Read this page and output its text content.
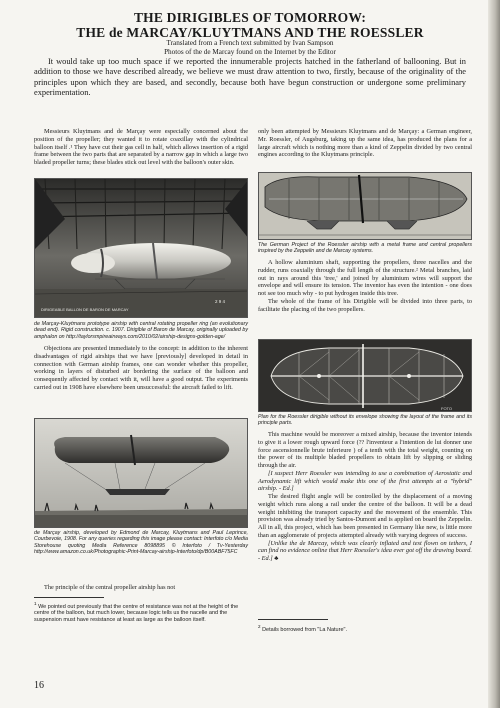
THE DIRIGIBLES OF TOMORROW:
THE de MARCAY/KLUYTMANS AND THE ROESSLER
Translated from a French text submitted by Ivan Sampson
Photos of the de Marcay found on the Internet by the Editor

It would take up too much space if we reported the innumerable projects hatched in the fatherland of ballooning. But in addition to those we have described already, we believe we must draw attention to two, firstly, because of the originality of the principles upon which they are based, and secondly, because both have begun construction or undergone some preliminary experimentation.

Messieurs Kluytmans and de Marçay were especially concerned about the position of the propeller; they wanted it to rotate coaxillay with the cylindrical balloon itself .¹ They have cut their gas cell in half, which allows insertion of a rigid frame between the two parts that are separated by a narrow gap in which a large two bladed propeller turns; these blades stick out level with the balloon's outer skin.

DIRIGEABLE BALLON DE BARON DE MARCAY
2 9 4
de Marçay-Kluytmans prototype airship with central rotating propeller ring (an evolutionary dead end). Rigid construction. c. 1907. Dirigible of Baron de Marcay, originally uploaded by amphalon on http://taylorsmpireairways.com/2010/02/airship-designs-golden-age/

Objections are presented immediately to the concept: in addition to the inherent disadvantages of rigid airships that we have [previously] developed in detail in connection with German airship frames, one can wonder whether this propeller, working in layers of disturbed air bordering the surface of the balloon and consequently affected by contact with it, will have a good output. The experiments carried out in 1908 have elsewhere been unsuccessful: the aircraft failed to lift.

de Marçay airship, developed by Edmond de Marcay, Kluytmans and Paul Leprince, Courbevoie, 1908. For any queries regarding this image please contact: Interfoto c/o Media Storehouse quoting Media Reference 8098895 © Interfoto / Tv-Yesterday http://www.amazon.co.uk/Photographic-Print-Marcay-airship-Interfoto/dp/B00ABF75FC

The principle of the central propeller airship has not

$^1$ We pointed out previously that the centre of resistance was not at the height of the centre of the balloon, but much lower, because logic tells us the nacelle and the suspension must have resistance at least as large as the balloon itself.

only been attempted by Messieurs Kluytmans and de Marçay: a German engineer, Mr. Roessler, of Augsburg, taking up the same idea, has produced the plans for a large aircraft which is nothing more than a kind of Zeppelin divided by two central engines according to the Kluytmans principle.

The German Project of the Roessler airship with a metal frame and central propellers inspired by the Zeppelin and de Marcay systems.

A hollow aluminium shaft, supporting the propellers, three nacelles and the rudder, runs coaxially through the full length of the structure.² Metal branches, laid out in rays around this 'tree,' and joined by aluminium wires will support the envelope and will ensure its tension. The inventor has even the intention - one does not see too much why - to put hydrogen inside this tree.

The whole of the frame of his Dirigible will be divided into three parts, to facilitate the placing of the two propellers.

FOTO
Plan for the Roessler dirigible without its envelope showing the layout of the frame and its principle parts.

This machine would be moreover a mixed airship, because the inventor intends to give it a lower rough upward force (?? l'inventeur a l'intention de lui donner une force ascensionnelle brute inferieure ) of a tenth with the total weight, counting on the power of its multiple bladed propellers to obtain lift by slipping or sliding through the air.

[I suspect Herr Roessler was intending to use a combination of Aerostatic and Aerodynamic lift which would make this one of the first attempts at a "hybrid" airship. - Ed.]

The desired flight angle will be controlled by the displacement of a moving weight which runs along a rail under the centre of the balloon. It will be a dead weight inhibiting the transport capacity and the movement of the ensemble. This provision was already tried by Santos-Dumont and is applied on board the Zeppelin. All in all, this project, which has been presented in Germany like new, is little more than an agglomerate of projects attempted already with varying degrees of success.

[Unlike the de Marcay, which was clearly inflated and test flown on tethers, I can find no evidence online that Herr Roessler's idea ever got off the drawing board. - Ed.] ♣

$^2$ Details borrowed from "La Nature".
16
